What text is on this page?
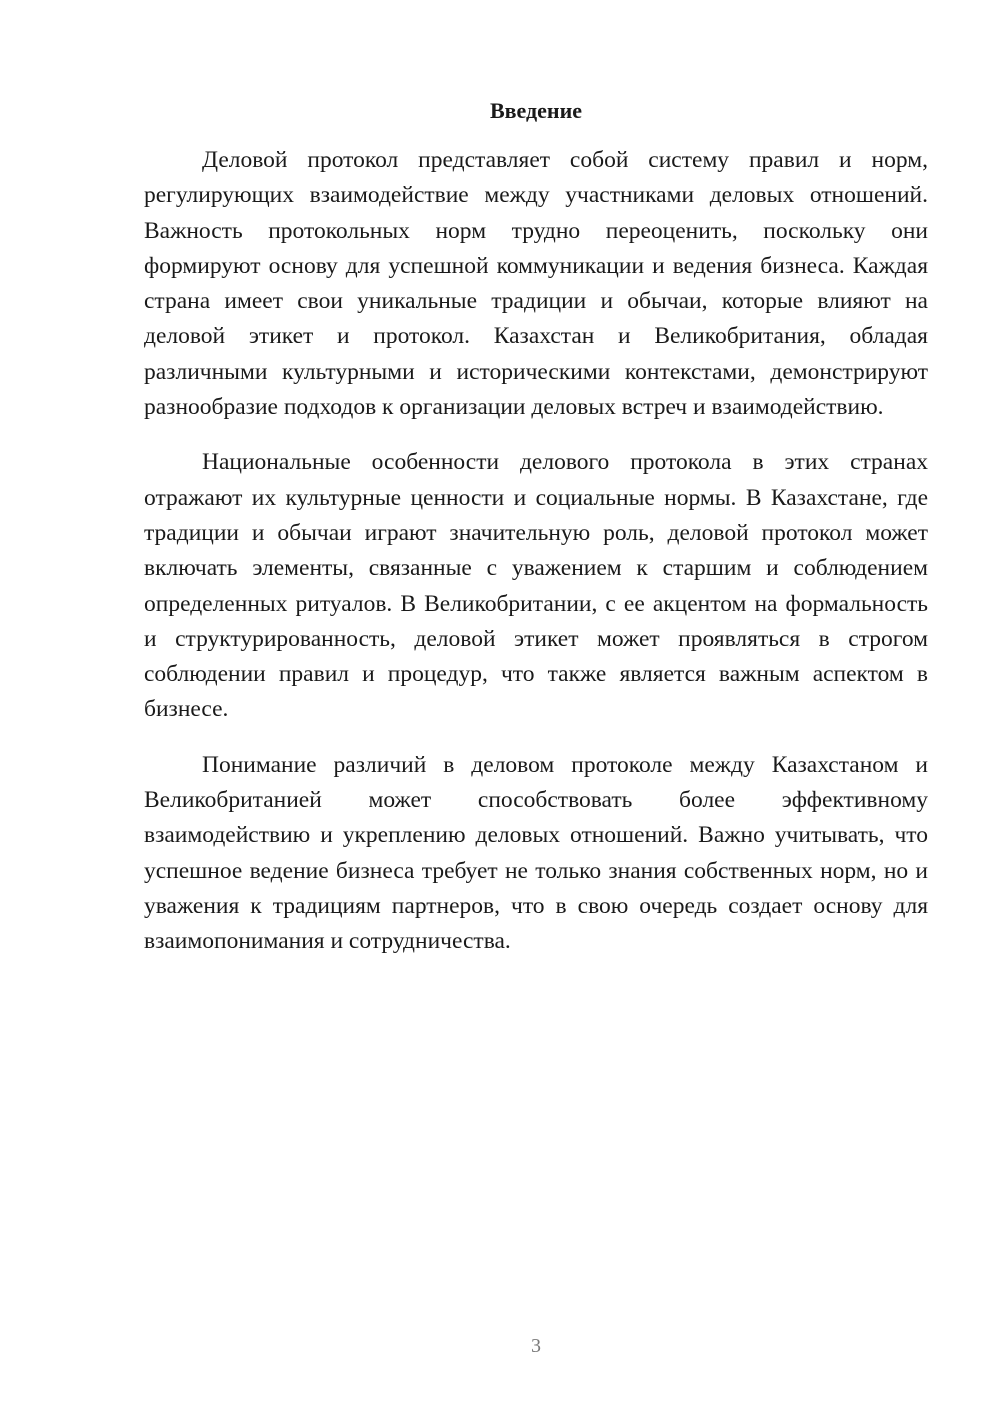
Введение

Деловой протокол представляет собой систему правил и норм, регулирующих взаимодействие между участниками деловых отношений. Важность протокольных норм трудно переоценить, поскольку они формируют основу для успешной коммуникации и ведения бизнеса. Каждая страна имеет свои уникальные традиции и обычаи, которые влияют на деловой этикет и протокол. Казахстан и Великобритания, обладая различными культурными и историческими контекстами, демонстрируют разнообразие подходов к организации деловых встреч и взаимодействию.

Национальные особенности делового протокола в этих странах отражают их культурные ценности и социальные нормы. В Казахстане, где традиции и обычаи играют значительную роль, деловой протокол может включать элементы, связанные с уважением к старшим и соблюдением определенных ритуалов. В Великобритании, с ее акцентом на формальность и структурированность, деловой этикет может проявляться в строгом соблюдении правил и процедур, что также является важным аспектом в бизнесе.

Понимание различий в деловом протоколе между Казахстаном и Великобританией может способствовать более эффективному взаимодействию и укреплению деловых отношений. Важно учитывать, что успешное ведение бизнеса требует не только знания собственных норм, но и уважения к традициям партнеров, что в свою очередь создает основу для взаимопонимания и сотрудничества.

3
